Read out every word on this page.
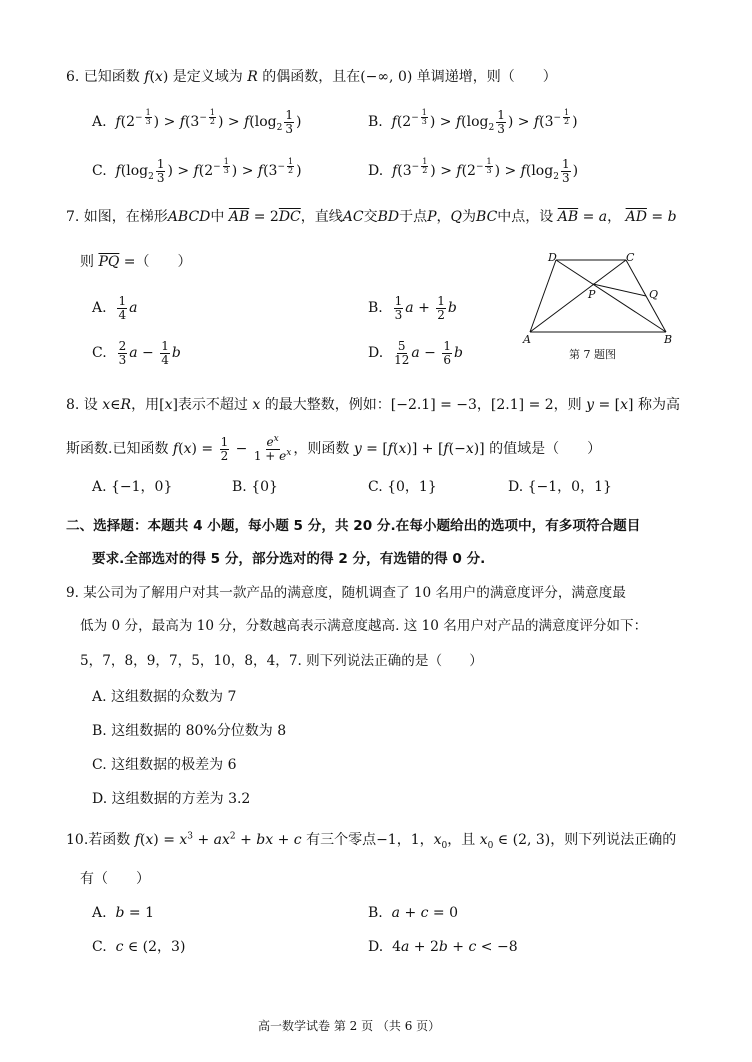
6. 已知函数 f(x) 是定义域为 R 的偶函数，且在(−∞, 0) 单调递增，则（　　）
A.  $f(2^{- \frac{1}{3}}$ ) > $f(3^{- \frac{1}{2}}$ ) > $f(\log_2 \frac{1}{3}$ )	B.  $f(2^{- \frac{1}{3}}$ ) > $f(\log_2 \frac{1}{3}$ ) > $f(3^{- \frac{1}{2}}$ )
C.  $f(\log_2 \frac{1}{3}$ ) > $f(2^{- \frac{1}{3}}$ ) > $f(3^{- \frac{1}{2}}$ )	D.  $f(3^{- \frac{1}{2}}$ ) > $f(2^{- \frac{1}{3}}$ ) > $f(\log_2 \frac{1}{3}$ )
7. 如图，在梯形ABCD中 $\overline{AB} = 2\overline{DC}$，直线AC交BD于点P，Q为BC中点，设 $\overline{AB} = a$， $\overline{AD} = b$
则 $\overline{PQ}$ =（　　）
A. $\frac{1}{4}$ a	B. $\frac{1}{3}$ $a + \frac{1}{2}$ b
C. $\frac{2}{3}$ $a - \frac{1}{4}$ b	D. $\frac{5}{12}$ $a - \frac{1}{6}$ b
D	C
P	Q
A	B
第 7 题图
8. 设 x∈R，用[x]表示不超过 x 的最大整数，例如：[−2.1] = −3，[2.1] = 2，则 y = [x] 称为高
斯函数.已知函数 $f(x) = \frac{1}{2} - \frac{e^x}{1 + e^x}$ ，则函数 y = [f(x)] + [f(−x)] 的值域是（　　）
A. {−1，0}	B. {0}	C. {0，1}	D. {−1，0，1}
二、选择题：本题共 4 小题，每小题 5 分，共 20 分.在每小题给出的选项中，有多项符合题目
要求.全部选对的得 5 分，部分选对的得 2 分，有选错的得 0 分.
9. 某公司为了解用户对其一款产品的满意度，随机调查了 10 名用户的满意度评分，满意度最
低为 0 分，最高为 10 分，分数越高表示满意度越高. 这 10 名用户对产品的满意度评分如下：
5，7，8，9，7，5，10，8，4，7. 则下列说法正确的是（　　）
A. 这组数据的众数为 7
B. 这组数据的 80%分位数为 8
C. 这组数据的极差为 6
D. 这组数据的方差为 3.2
10.若函数 $f(x) = x^3 + ax^2$ + bx + c 有三个零点−1，1，$x_0$，且 $x_0$ ∈ (2, 3)，则下列说法正确的
有（　　）
A.  b = 1	B.  a + c = 0
C.  c ∈ (2，3)	D.  4a + 2b + c < −8
高一数学试卷 第 2 页 （共 6 页）
